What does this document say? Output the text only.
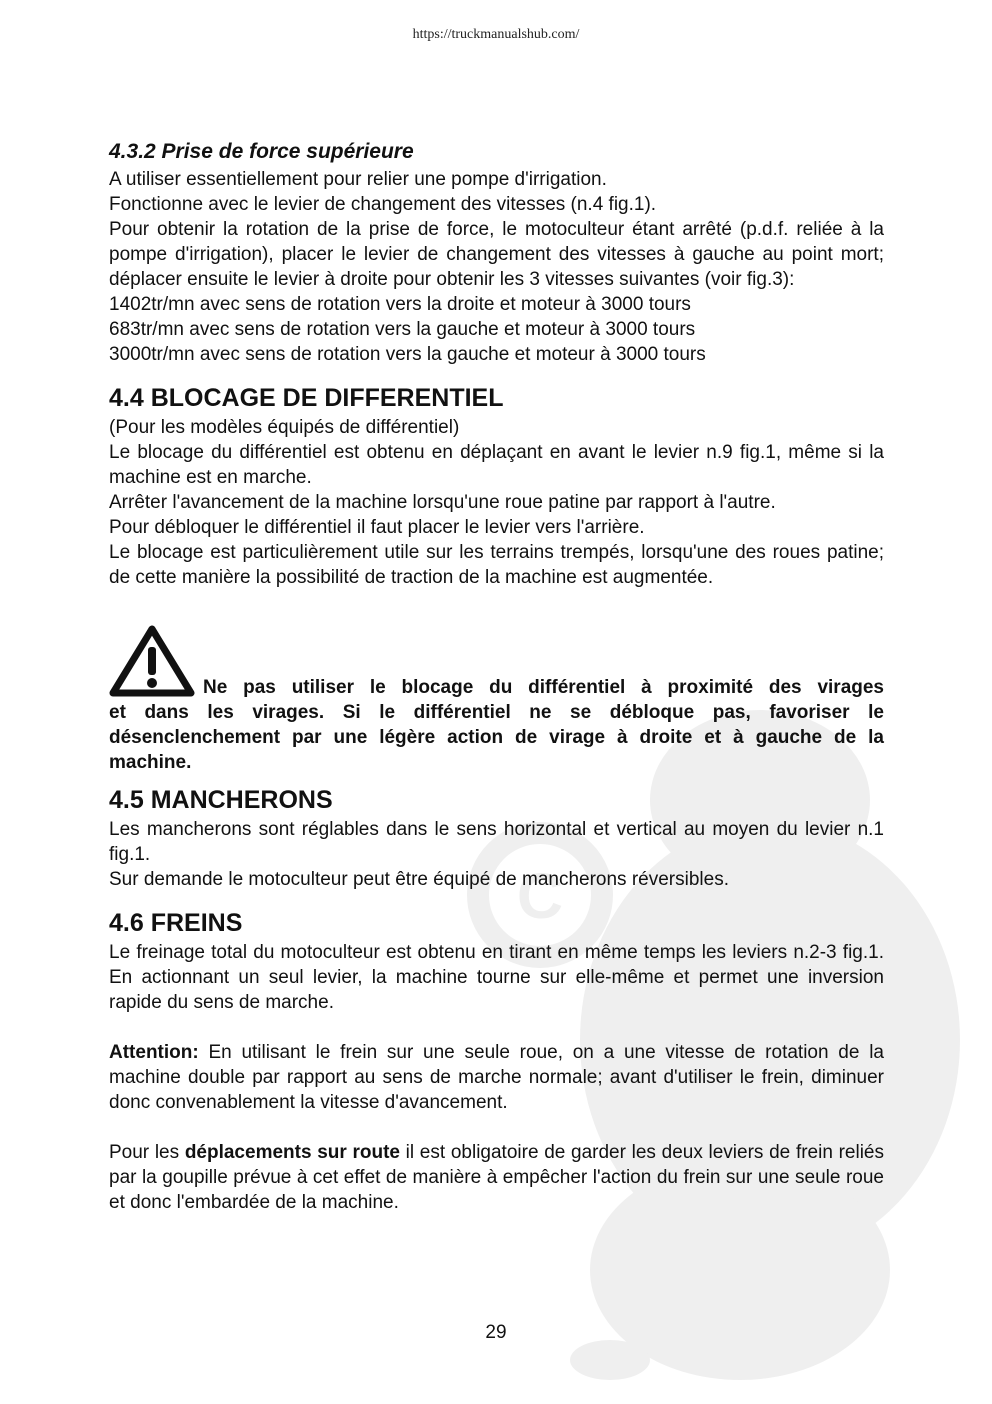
C
https://truckmanualshub.com/
4.3.2 Prise de force supérieure

A utiliser essentiellement pour relier une pompe d'irrigation.

Fonctionne avec le levier de changement des vitesses (n.4 fig.1).

Pour obtenir la rotation de la prise de force, le motoculteur étant arrêté (p.d.f. reliée à la pompe d'irrigation), placer le levier de changement des vitesses à gauche au point mort; déplacer ensuite le levier à droite pour obtenir les 3 vitesses suivantes (voir fig.3):

1402tr/mn avec sens de rotation vers la droite et moteur à 3000 tours

683tr/mn avec sens de rotation vers la gauche et moteur à 3000 tours

3000tr/mn avec sens de rotation vers la gauche et moteur à 3000 tours

4.4 BLOCAGE DE DIFFERENTIEL

(Pour les modèles équipés de différentiel)

Le blocage du différentiel est obtenu en déplaçant en avant le levier n.9 fig.1, même si la machine est en marche.

Arrêter l'avancement de la machine lorsqu'une roue patine par rapport à l'autre.

Pour débloquer le différentiel il faut placer le levier vers l'arrière.

Le blocage est particulièrement utile sur les terrains trempés, lorsqu'une des roues patine; de cette manière la possibilité de traction de la machine est augmentée.

Ne pas utiliser le blocage du différentiel à proximité des virages
et dans les virages. Si le différentiel ne se débloque pas, favoriser le désenclenchement par une légère action de virage à droite et à gauche de la machine.
4.5 MANCHERONS

Les mancherons sont réglables dans le sens horizontal et vertical au moyen du levier n.1 fig.1.

Sur demande le motoculteur peut être équipé de mancherons réversibles.

4.6 FREINS

Le freinage total du motoculteur est obtenu en tirant en même temps les leviers n.2-3 fig.1. En actionnant un seul levier, la machine tourne sur elle-même et permet une inversion rapide du sens de marche.

Attention: En utilisant le frein sur une seule roue, on a une vitesse de rotation de la machine double par rapport au sens de marche normale; avant d'utiliser le frein, diminuer donc convenablement la vitesse d'avancement.

Pour les déplacements sur route il est obligatoire de garder les deux leviers de frein reliés par la goupille prévue à cet effet de manière à empêcher l'action du frein sur une seule roue et donc l'embardée de la machine.

29
